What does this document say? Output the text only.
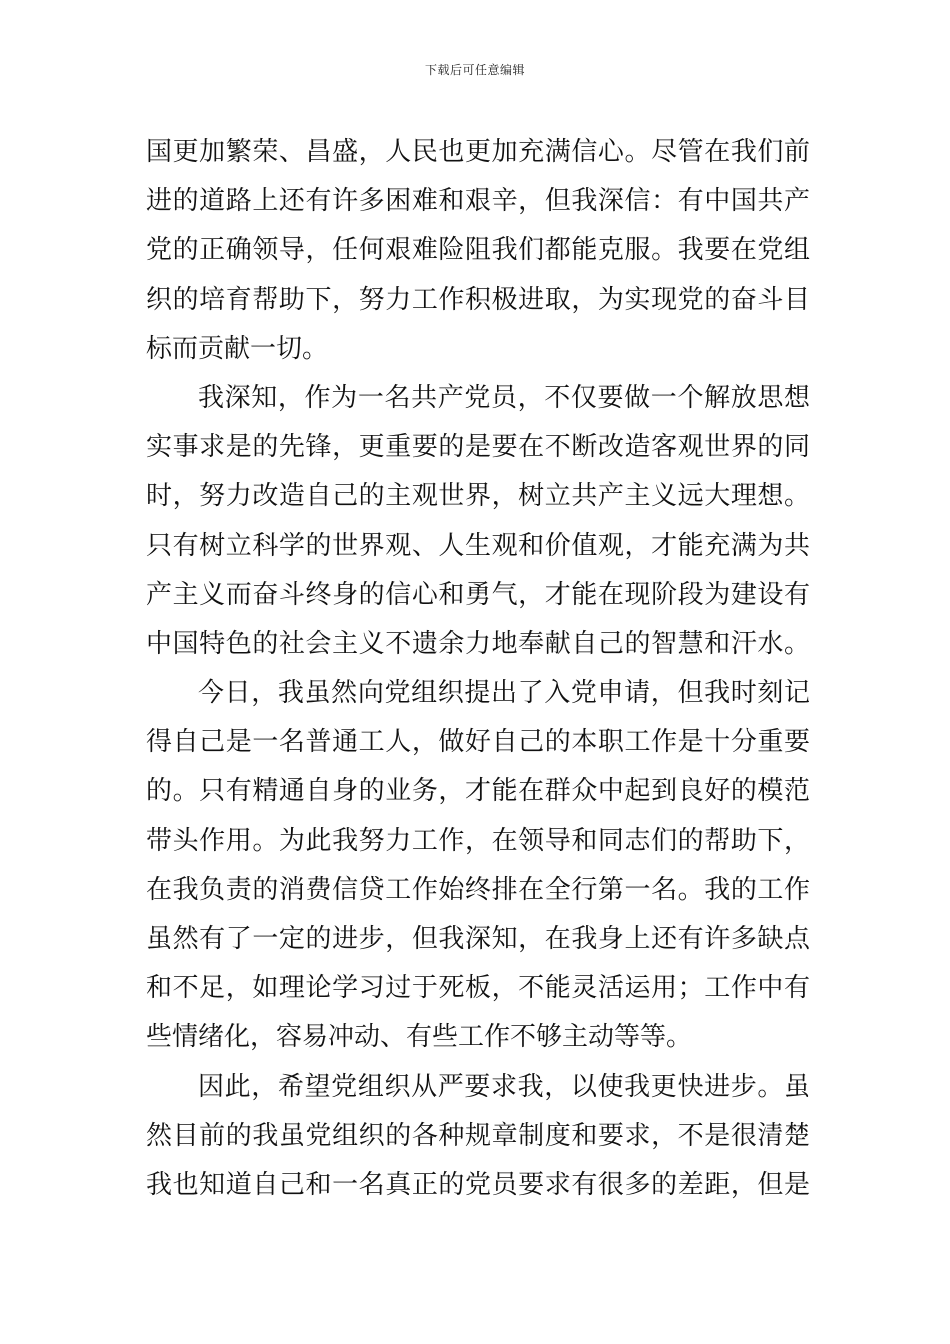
下载后可任意编辑
国更加繁荣、昌盛，人民也更加充满信心。尽管在我们前
进的道路上还有许多困难和艰辛，但我深信：有中国共产
党的正确领导，任何艰难险阻我们都能克服。我要在党组
织的培育帮助下，努力工作积极进取，为实现党的奋斗目
标而贡献一切。
我深知，作为一名共产党员，不仅要做一个解放思想
实事求是的先锋，更重要的是要在不断改造客观世界的同
时，努力改造自己的主观世界，树立共产主义远大理想。
只有树立科学的世界观、人生观和价值观，才能充满为共
产主义而奋斗终身的信心和勇气，才能在现阶段为建设有
中国特色的社会主义不遗余力地奉献自己的智慧和汗水。
今日，我虽然向党组织提出了入党申请，但我时刻记
得自己是一名普通工人，做好自己的本职工作是十分重要
的。只有精通自身的业务，才能在群众中起到良好的模范
带头作用。为此我努力工作，在领导和同志们的帮助下，
在我负责的消费信贷工作始终排在全行第一名。我的工作
虽然有了一定的进步，但我深知，在我身上还有许多缺点
和不足，如理论学习过于死板，不能灵活运用；工作中有
些情绪化，容易冲动、有些工作不够主动等等。
因此，希望党组织从严要求我，以使我更快进步。虽
然目前的我虽党组织的各种规章制度和要求，不是很清楚
我也知道自己和一名真正的党员要求有很多的差距，但是
